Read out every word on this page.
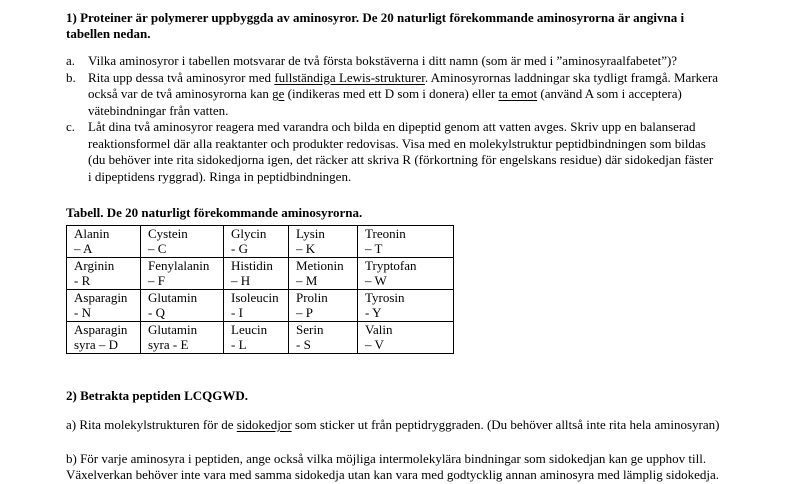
1) Proteiner är polymerer uppbyggda av aminosyror. De 20 naturligt förekommande aminosyrorna är angivna i
tabellen nedan.
a. Vilka aminosyror i tabellen motsvarar de två första bokstäverna i ditt namn (som är med i ”aminosyraalfabetet”)?
b. Rita upp dessa två aminosyror med fullständiga Lewis-strukturer. Aminosyrornas laddningar ska tydligt framgå. Markera
också var de två aminosyrorna kan ge (indikeras med ett D som i donera) eller ta emot (använd A som i acceptera)
vätebindningar från vatten.
c. Låt dina två aminosyror reagera med varandra och bilda en dipeptid genom att vatten avges. Skriv upp en balanserad
reaktionsformel där alla reaktanter och produkter redovisas. Visa med en molekylstruktur peptidbindningen som bildas
(du behöver inte rita sidokedjorna igen, det räcker att skriva R (förkortning för engelskans residue) där sidokedjan fäster
i dipeptidens ryggrad). Ringa in peptidbindningen.
Tabell. De 20 naturligt förekommande aminosyrorna.
Alanin
– A	Cystein
– C	Glycin
- G	Lysin
– K	Treonin
– T

Arginin
- R	Fenylalanin
– F	Histidin
– H	Metionin
– M	Tryptofan
– W

Asparagin
- N	Glutamin
- Q	Isoleucin
- I	Prolin
– P	Tyrosin
- Y

Asparagin
syra – D	Glutamin
syra - E	Leucin
- L	Serin
- S	Valin
– V
2) Betrakta peptiden LCQGWD.
a) Rita molekylstrukturen för de sidokedjor som sticker ut från peptidryggraden. (Du behöver alltså inte rita hela aminosyran)
b) För varje aminosyra i peptiden, ange också vilka möjliga intermolekylära bindningar som sidokedjan kan ge upphov till.
Växelverkan behöver inte vara med samma sidokedja utan kan vara med godtycklig annan aminosyra med lämplig sidokedja.
